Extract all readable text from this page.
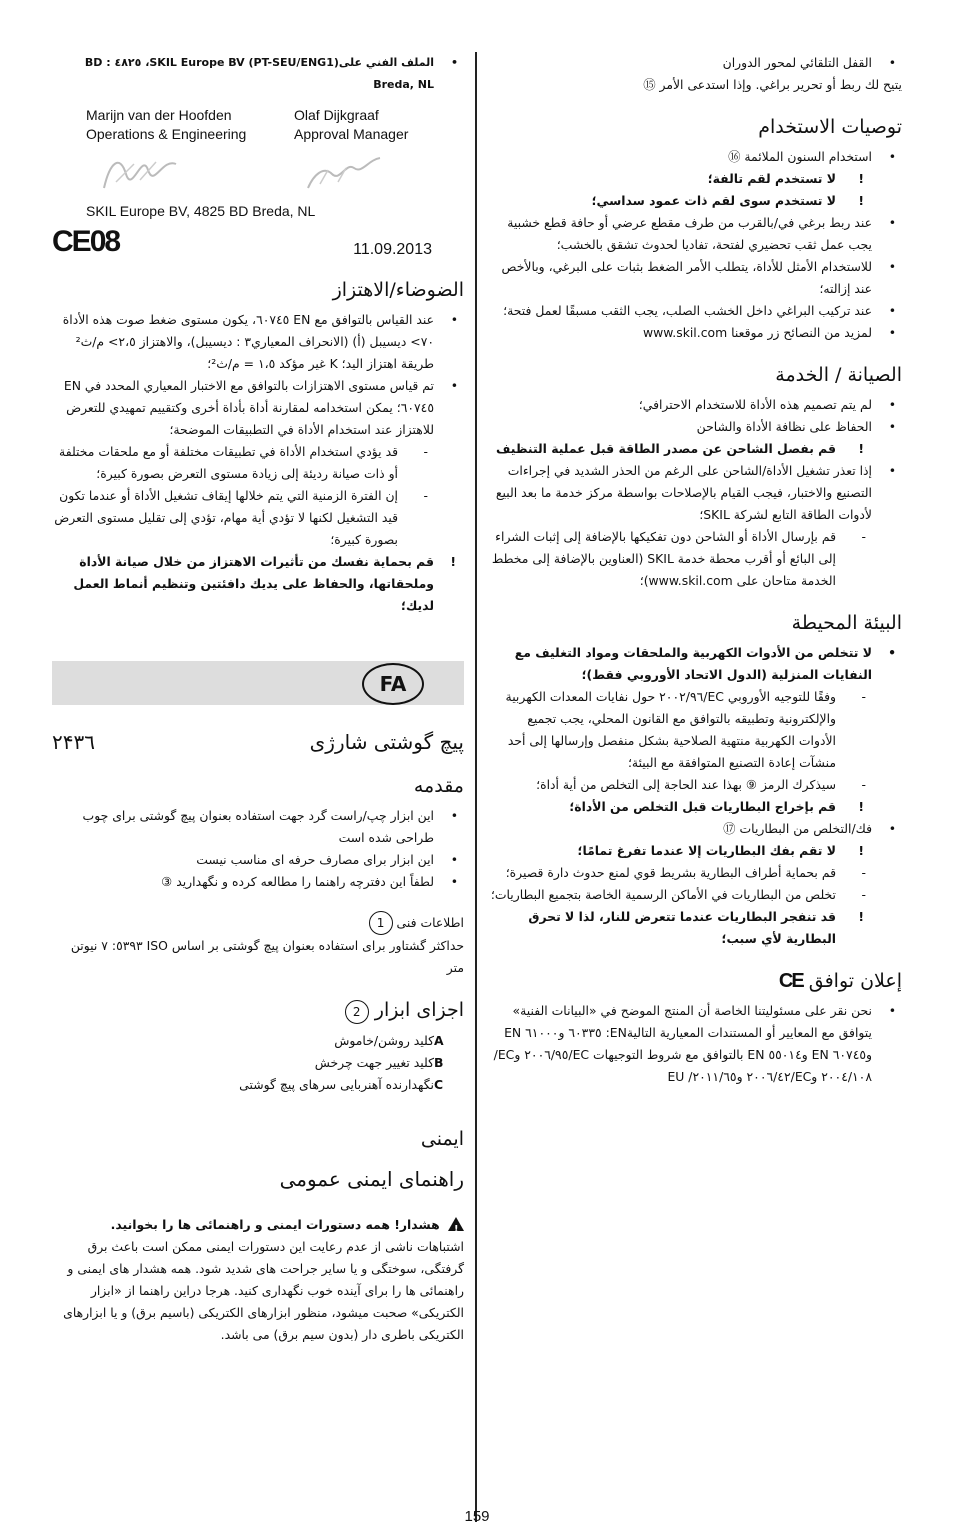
• القفل التلقائي لمحور الدوران
يتيح لك ربط أو تحرير براغي. وإذا استدعى الأمر ⑮
توصيات الاستخدام
• استخدام السنون الملائمة ⑯
! لا تستخدم لقم تالفة؛
! لا تستخدم سوى لقم ذات عمود سداسي؛
• عند ربط برغي في/بالقرب من طرف مقطع عرضي أو حافة قطع خشبية يجب عمل ثقب تحضيري لفتحة، تفاديا لحدوث تشقق بالخشب؛
• للاستخدام الأمثل للأداة، يتطلب الأمر الضغط بثبات على البرغي، وبالأخص عند إزالته؛
• عند تركيب البراغي داخل الخشب الصلب، يجب الثقب مسبقًا لعمل فتحة؛
• لمزيد من النصائح زر موقعنا www.skil.com
الصيانة / الخدمة
• لم يتم تصميم هذه الأداة للاستخدام الاحترافي؛
• الحفاظ على نظافة الأداة والشاحن
! قم بفصل الشاحن عن مصدر الطاقة قبل عملية التنظيف
• إذا تعذر تشغيل الأداة/الشاحن على الرغم من الحذر الشديد في إجراءات التصنيع والاختبار، فيجب القيام بالإصلاحات بواسطة مركز خدمة ما بعد البيع لأدوات الطاقة التابع لشركة SKIL؛
- قم بإرسال الأداة أو الشاحن دون تفكيكها بالإضافة إلى إثبات الشراء إلى البائع أو أقرب محطة خدمة SKIL (العناوين بالإضافة إلى مخطط الخدمة متاحان على www.skil.com)؛
البيئة المحيطة
• لا تتخلص من الأدوات الكهربية والملحقات ومواد التغليف مع النفايات المنزلية (الدول الاتحاد الأوروبي فقط)؛
- وفقًا للتوجيه الأوروبي EC/٢٠٠٢/٩٦ حول نفايات المعدات الكهربية والإلكترونية وتطبيقه بالتوافق مع القانون المحلي، يجب تجميع الأدوات الكهربية منتهية الصلاحية بشكل منفصل وإرسالها إلى أحد منشآت إعادة التصنيع المتوافقة مع البيئة؛
- سيذكرك الرمز ⑨ بهذا عند الحاجة إلى التخلص من أية أداة؛
! قم بإخراج البطاريات قبل التخلص من الأداة؛
• فك/التخلص من البطاريات ⑰
! لا تقم بفك البطاريات إلا عندما تفرغ تمامًا؛
- قم بحماية أطراف البطارية بشريط قوي لمنع حدوث دارة قصيرة؛
- تخلص من البطاريات في الأماكن الرسمية الخاصة بتجميع البطاريات؛
! قد تنفجر البطاريات عندما تتعرض للنار، لذا لا تحرق البطارية لأي سبب؛
إعلان توافق CE
• نحن نقر على مسئوليتنا الخاصة أن المنتج الموضح في «البيانات الفنية» يتوافق مع المعايير أو المستندات المعيارية التاليةEN: ٦٠٣٣٥ و٦١٠٠٠ EN و٦٠٧٤٥ EN و٥٥٠١٤ EN بالتوافق مع شروط التوجيهات EC/٢٠٠٦/٩٥ وEC/٢٠٠٤/١٠٨ وEC/٢٠٠٦/٤٢ و٢٠١١/٦٥/ EU
• الملف الفني علىSKIL Europe BV (PT-SEU/ENG1)، ٤٨٢٥ BD : Breda, NL
Marijn van der Hoofden
Operations & Engineering
Olaf Dijkgraaf
Approval Manager
SKIL Europe BV, 4825 BD Breda, NL
CE08	11.09.2013
الضوضاء/الاهتزاز
• عند القياس بالتوافق مع EN ٦٠٧٤٥، يكون مستوى ضغط صوت هذه الأداة ٧٠> ديسيبل (أ) (الانحراف المعياري٣ : ديسيبل)، والاهتزاز ٢،٥> م/ث² طريقة اهتزاز اليد؛ K غير مؤكد ١،٥ = م/ث²؛
• تم قياس مستوى الاهتزازات بالتوافق مع الاختبار المعياري المحدد في EN ٦٠٧٤٥؛ يمكن استخدامه لمقارنة أداة بأداة أخرى وكتقييم تمهيدي للتعرض للاهتزاز عند استخدام الأداة في التطبيقات الموضحة؛
- قد يؤدي استخدام الأداة في تطبيقات مختلفة أو مع ملحقات مختلفة أو ذات صيانة رديئة إلى زيادة مستوى التعرض بصورة كبيرة؛
- إن الفترة الزمنية التي يتم خلالها إيقاف تشغيل الأداة أو عندما تكون قيد التشغيل لكنها لا تؤدي أية مهام، تؤدي إلى تقليل مستوى التعرض بصورة كبيرة؛
! قم بحماية نفسك من تأثيرات الاهتزاز من خلال صيانة الأداة وملحقاتها، والحفاظ على يديك دافئتين وتنظيم أنماط العمل لديك؛
FA
پیچ گوشتی شارژی
۲۴۳٦
مقدمه
• این ابزار چپ/راست گرد جهت استفاده بعنوان پیچ گوشتی برای چوب طراحی شده است
• این ابزار برای مصارف حرفه ای مناسب نیست
• لطفاً این دفترچه راهنما را مطالعه کرده و نگهدارید ③

اطلاعات فنی 1

حداکثر گشتاور برای استفاده بعنوان پیچ گوشتی بر اساس ISO ٥٣٩٣: ٧ نیوتن متر

اجزای ابزار 2
A
کلید روشن/خاموش
B
کلید تغییر جهت چرخش
C
نگهدارنده آهنربایی سرهای پیچ گوشتی
ایمنی
راهنمای ایمنی عمومی

! هشدار! همه دستورات ایمنی و راهنمائی ها را بخوانید.

اشتباهات ناشی از عدم رعایت این دستورات ایمنی ممکن است باعث برق گرفتگی، سوختگی و یا سایر جراحت های شدید شود. همه هشدار های ایمنی و راهنمائی ها را برای آینده خوب نگهداری کنید. هرجا دراین راهنما از «ابزار الکتریکی» صحبت میشود، منظور ابزارهای الکتریکی (باسیم برق) و یا ابزارهای الکتریکی باطری دار (بدون سیم برق) می باشد.

159
